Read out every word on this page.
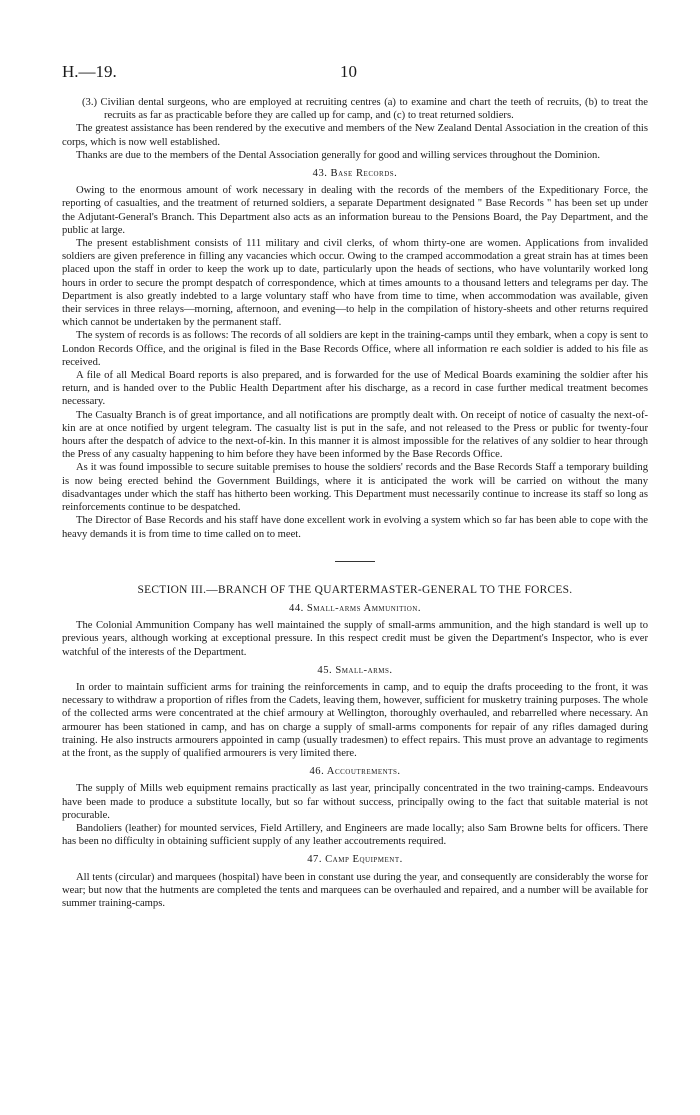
H.—19.	10

(3.) Civilian dental surgeons, who are employed at recruiting centres (a) to examine and chart the teeth of recruits, (b) to treat the recruits as far as practicable before they are called up for camp, and (c) to treat returned soldiers.

The greatest assistance has been rendered by the executive and members of the New Zealand Dental Association in the creation of this corps, which is now well established.

Thanks are due to the members of the Dental Association generally for good and willing services throughout the Dominion.

43. Base Records.

Owing to the enormous amount of work necessary in dealing with the records of the members of the Expeditionary Force, the reporting of casualties, and the treatment of returned soldiers, a separate Department designated " Base Records " has been set up under the Adjutant-General's Branch. This Department also acts as an information bureau to the Pensions Board, the Pay Department, and the public at large.

The present establishment consists of 111 military and civil clerks, of whom thirty-one are women. Applications from invalided soldiers are given preference in filling any vacancies which occur. Owing to the cramped accommodation a great strain has at times been placed upon the staff in order to keep the work up to date, particularly upon the heads of sections, who have voluntarily worked long hours in order to secure the prompt despatch of correspondence, which at times amounts to a thousand letters and telegrams per day. The Department is also greatly indebted to a large voluntary staff who have from time to time, when accommodation was available, given their services in three relays—morning, afternoon, and evening—to help in the compilation of history-sheets and other returns required which cannot be undertaken by the permanent staff.

The system of records is as follows: The records of all soldiers are kept in the training-camps until they embark, when a copy is sent to London Records Office, and the original is filed in the Base Records Office, where all information re each soldier is added to his file as received.

A file of all Medical Board reports is also prepared, and is forwarded for the use of Medical Boards examining the soldier after his return, and is handed over to the Public Health Department after his discharge, as a record in case further medical treatment becomes necessary.

The Casualty Branch is of great importance, and all notifications are promptly dealt with. On receipt of notice of casualty the next-of-kin are at once notified by urgent telegram. The casualty list is put in the safe, and not released to the Press or public for twenty-four hours after the despatch of advice to the next-of-kin. In this manner it is almost impossible for the relatives of any soldier to hear through the Press of any casualty happening to him before they have been informed by the Base Records Office.

As it was found impossible to secure suitable premises to house the soldiers' records and the Base Records Staff a temporary building is now being erected behind the Government Buildings, where it is anticipated the work will be carried on without the many disadvantages under which the staff has hitherto been working. This Department must necessarily continue to increase its staff so long as reinforcements continue to be despatched.

The Director of Base Records and his staff have done excellent work in evolving a system which so far has been able to cope with the heavy demands it is from time to time called on to meet.

SECTION III.—BRANCH OF THE QUARTERMASTER-GENERAL TO THE FORCES.
44. Small-arms Ammunition.

The Colonial Ammunition Company has well maintained the supply of small-arms ammunition, and the high standard is well up to previous years, although working at exceptional pressure. In this respect credit must be given the Department's Inspector, who is ever watchful of the interests of the Department.

45. Small-arms.

In order to maintain sufficient arms for training the reinforcements in camp, and to equip the drafts proceeding to the front, it was necessary to withdraw a proportion of rifles from the Cadets, leaving them, however, sufficient for musketry training purposes. The whole of the collected arms were concentrated at the chief armoury at Wellington, thoroughly overhauled, and rebarrelled where necessary. An armourer has been stationed in camp, and has on charge a supply of small-arms components for repair of any rifles damaged during training. He also instructs armourers appointed in camp (usually tradesmen) to effect repairs. This must prove an advantage to regiments at the front, as the supply of qualified armourers is very limited there.

46. Accoutrements.

The supply of Mills web equipment remains practically as last year, principally concentrated in the two training-camps. Endeavours have been made to produce a substitute locally, but so far without success, principally owing to the fact that suitable material is not procurable.

Bandoliers (leather) for mounted services, Field Artillery, and Engineers are made locally; also Sam Browne belts for officers. There has been no difficulty in obtaining sufficient supply of any leather accoutrements required.

47. Camp Equipment.

All tents (circular) and marquees (hospital) have been in constant use during the year, and consequently are considerably the worse for wear; but now that the hutments are completed the tents and marquees can be overhauled and repaired, and a number will be available for summer training-camps.
